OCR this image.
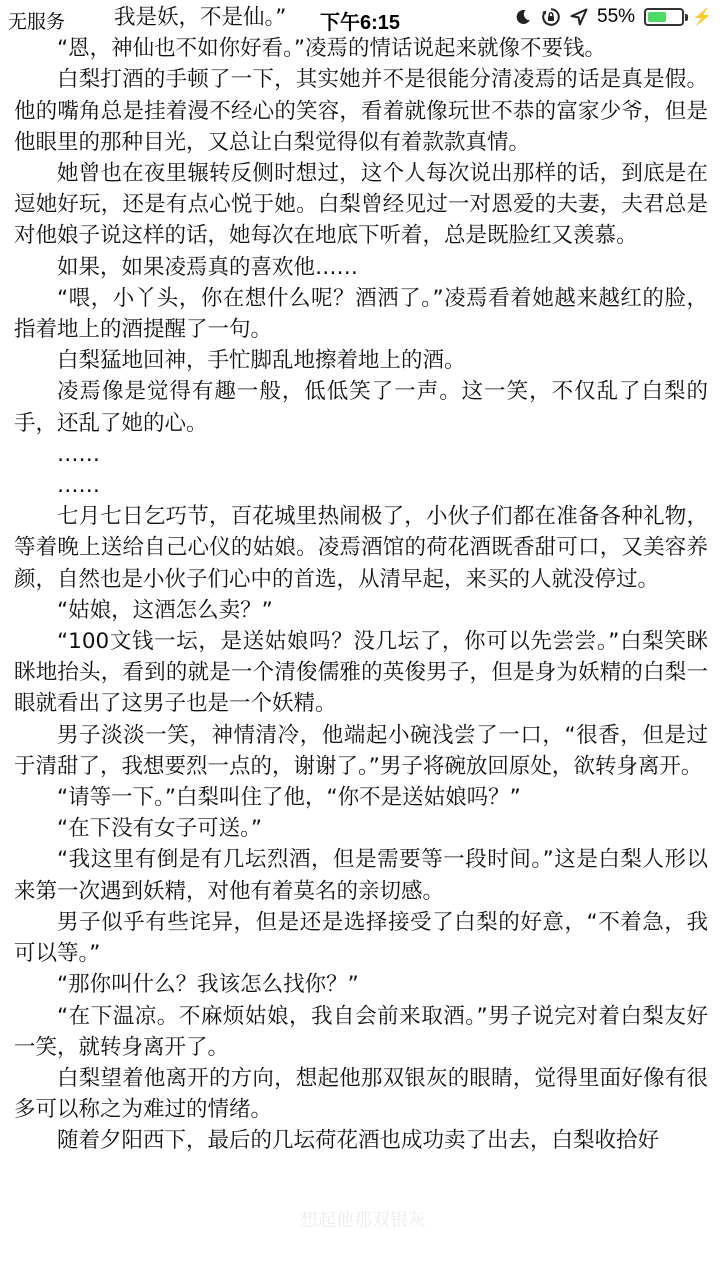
无服务	下午6:15	55%	⚡

我是妖，不是仙。”

“恩，神仙也不如你好看。”凌焉的情话说起来就像不要钱。

白梨打酒的手顿了一下，其实她并不是很能分清凌焉的话是真是假。他的嘴角总是挂着漫不经心的笑容，看着就像玩世不恭的富家少爷，但是他眼里的那种目光，又总让白梨觉得似有着款款真情。

她曾也在夜里辗转反侧时想过，这个人每次说出那样的话，到底是在逗她好玩，还是有点心悦于她。白梨曾经见过一对恩爱的夫妻，夫君总是对他娘子说这样的话，她每次在地底下听着，总是既脸红又羡慕。

如果，如果凌焉真的喜欢他……

“喂，小丫头，你在想什么呢？酒洒了。”凌焉看着她越来越红的脸，指着地上的酒提醒了一句。

白梨猛地回神，手忙脚乱地擦着地上的酒。

凌焉像是觉得有趣一般，低低笑了一声。这一笑，不仅乱了白梨的手，还乱了她的心。

……

……

七月七日乞巧节，百花城里热闹极了，小伙子们都在准备各种礼物，等着晚上送给自己心仪的姑娘。凌焉酒馆的荷花酒既香甜可口，又美容养颜，自然也是小伙子们心中的首选，从清早起，来买的人就没停过。

“姑娘，这酒怎么卖？”

“100文钱一坛，是送姑娘吗？没几坛了，你可以先尝尝。”白梨笑眯眯地抬头，看到的就是一个清俊儒雅的英俊男子，但是身为妖精的白梨一眼就看出了这男子也是一个妖精。

男子淡淡一笑，神情清冷，他端起小碗浅尝了一口，“很香，但是过于清甜了，我想要烈一点的，谢谢了。”男子将碗放回原处，欲转身离开。

“请等一下。”白梨叫住了他，“你不是送姑娘吗？”

“在下没有女子可送。”

“我这里有倒是有几坛烈酒，但是需要等一段时间。”这是白梨人形以来第一次遇到妖精，对他有着莫名的亲切感。

男子似乎有些诧异，但是还是选择接受了白梨的好意，“不着急，我可以等。”

“那你叫什么？我该怎么找你？”

“在下温凉。不麻烦姑娘，我自会前来取酒。”男子说完对着白梨友好一笑，就转身离开了。

白梨望着他离开的方向，想起他那双银灰的眼睛，觉得里面好像有很多可以称之为难过的情绪。

随着夕阳西下，最后的几坛荷花酒也成功卖了出去，白梨收拾好

想起他那双银灰
